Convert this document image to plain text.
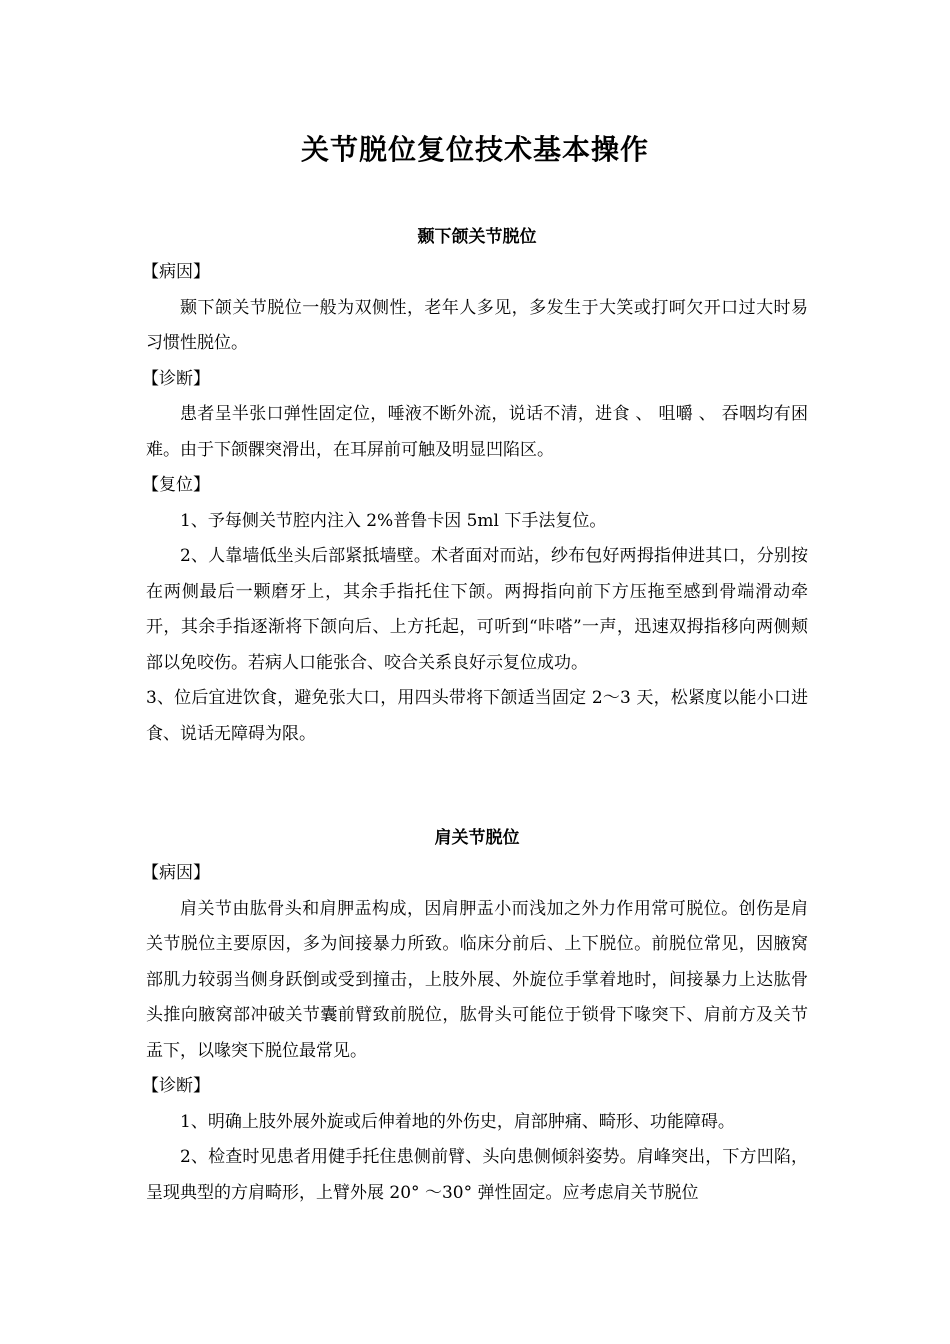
关节脱位复位技术基本操作
颞下颌关节脱位

【病因】

颞下颌关节脱位一般为双侧性，老年人多见，多发生于大笑或打呵欠开口过大时易习惯性脱位。

【诊断】

患者呈半张口弹性固定位，唾液不断外流，说话不清，进食 、 咀嚼 、 吞咽均有困难。由于下颌髁突滑出，在耳屏前可触及明显凹陷区。

【复位】

1、予每侧关节腔内注入 2%普鲁卡因 5ml 下手法复位。

2、人靠墙低坐头后部紧抵墙壁。术者面对而站，纱布包好两拇指伸进其口，分别按在两侧最后一颗磨牙上，其余手指托住下颌。两拇指向前下方压拖至感到骨端滑动牵开，其余手指逐渐将下颌向后、上方托起，可听到“咔嗒”一声，迅速双拇指移向两侧颊部以免咬伤。若病人口能张合、咬合关系良好示复位成功。

3、位后宜进饮食，避免张大口，用四头带将下颌适当固定 2～3 天，松紧度以能小口进食、说话无障碍为限。

肩关节脱位

【病因】

肩关节由肱骨头和肩胛盂构成，因肩胛盂小而浅加之外力作用常可脱位。创伤是肩关节脱位主要原因，多为间接暴力所致。临床分前后、上下脱位。前脱位常见，因腋窝部肌力较弱当侧身跃倒或受到撞击，上肢外展、外旋位手掌着地时，间接暴力上达肱骨头推向腋窝部冲破关节囊前臂致前脱位，肱骨头可能位于锁骨下喙突下、肩前方及关节盂下，以喙突下脱位最常见。

【诊断】

1、明确上肢外展外旋或后伸着地的外伤史，肩部肿痛、畸形、功能障碍。

2、检查时见患者用健手托住患侧前臂、头向患侧倾斜姿势。肩峰突出，下方凹陷，呈现典型的方肩畸形，上臂外展 20° ～30° 弹性固定。应考虑肩关节脱位
